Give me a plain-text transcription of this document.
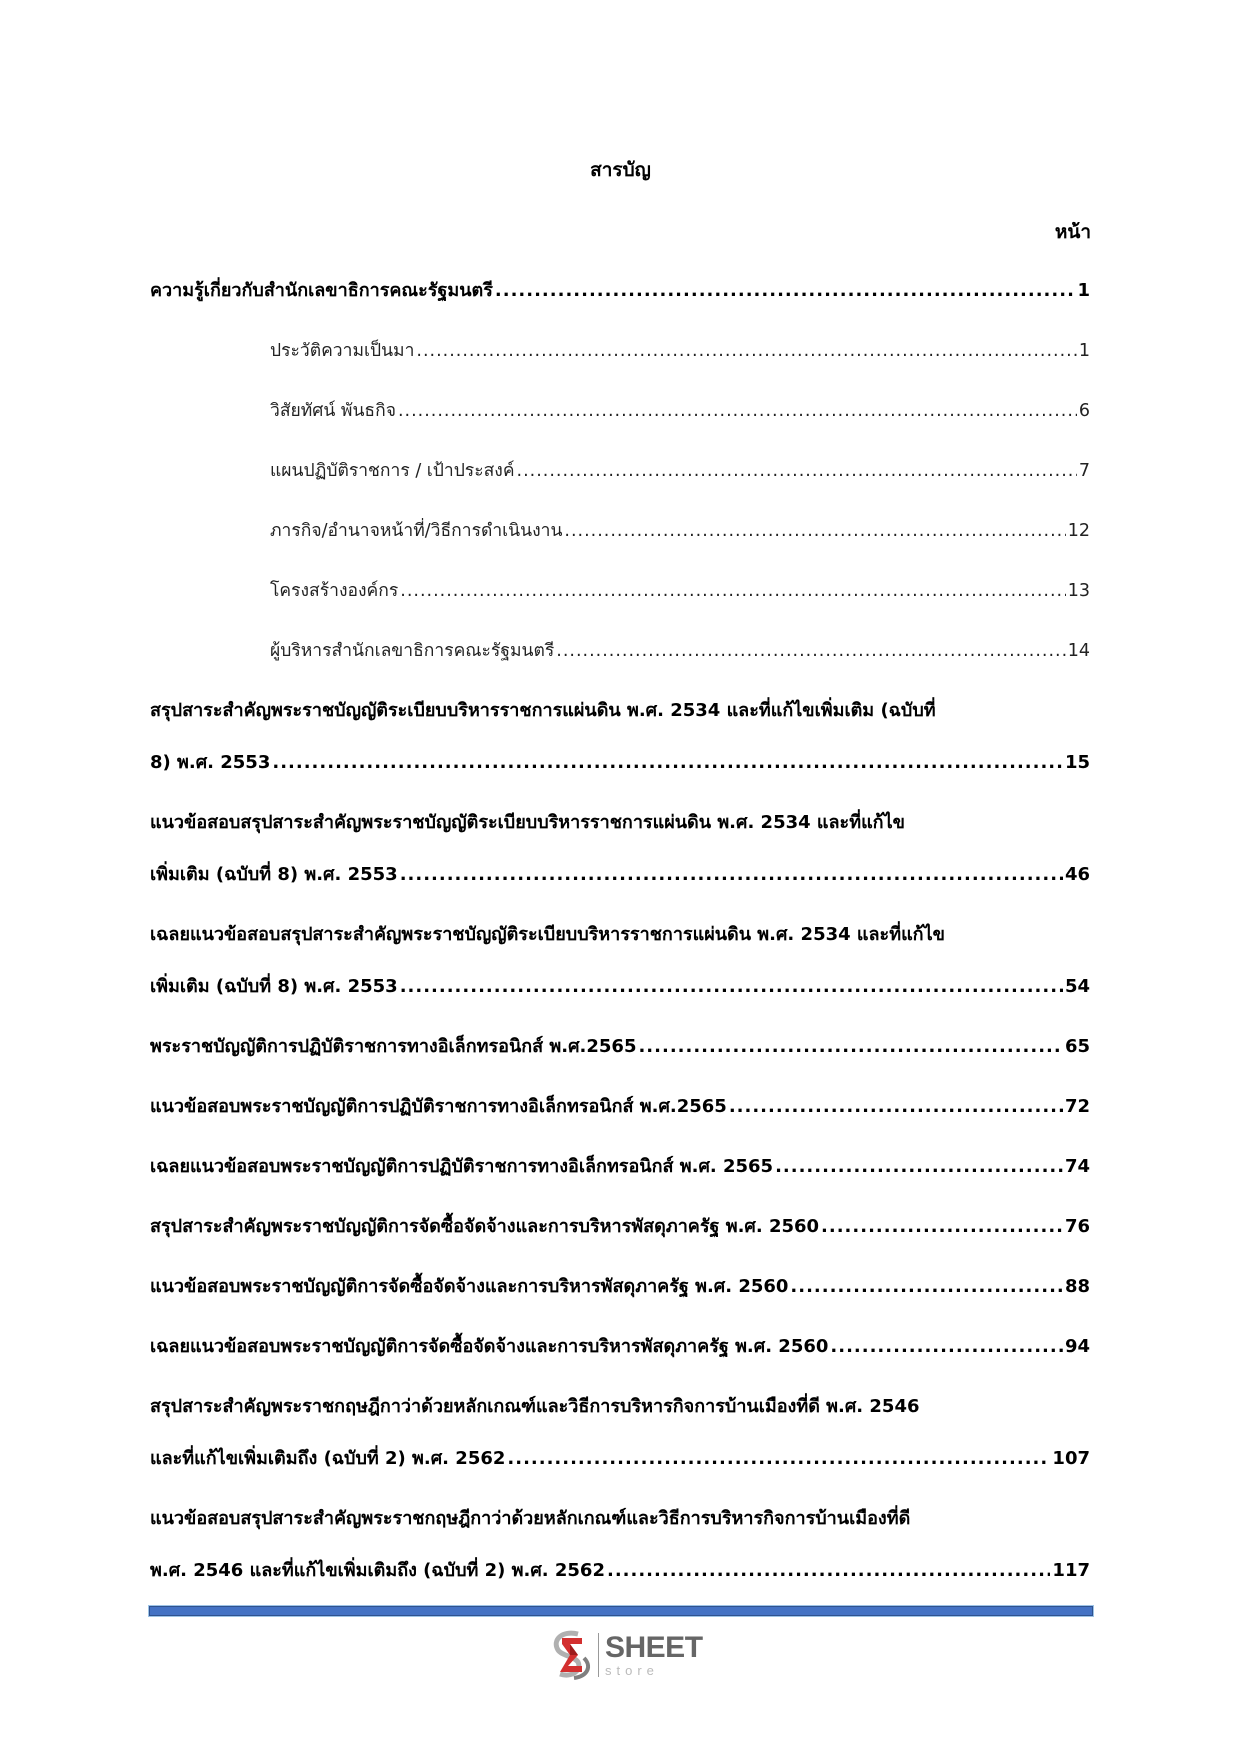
สารบัญ
หน้า
ความรู้เกี่ยวกับสำนักเลขาธิการคณะรัฐมนตรี .....	1
ประวัติความเป็นมา .....	1
วิสัยทัศน์ พันธกิจ .....	6
แผนปฏิบัติราชการ / เป้าประสงค์ .....	7
ภารกิจ/อำนาจหน้าที่/วิธีการดำเนินงาน .....	12
โครงสร้างองค์กร .....	13
ผู้บริหารสำนักเลขาธิการคณะรัฐมนตรี .....	14
สรุปสาระสำคัญพระราชบัญญัติระเบียบบริหารราชการแผ่นดิน พ.ศ. 2534 และที่แก้ไขเพิ่มเติม (ฉบับที่
8) พ.ศ. 2553 .....	15
แนวข้อสอบสรุปสาระสำคัญพระราชบัญญัติระเบียบบริหารราชการแผ่นดิน พ.ศ. 2534 และที่แก้ไข
เพิ่มเติม (ฉบับที่ 8) พ.ศ. 2553 .....	46
เฉลยแนวข้อสอบสรุปสาระสำคัญพระราชบัญญัติระเบียบบริหารราชการแผ่นดิน พ.ศ. 2534 และที่แก้ไข
เพิ่มเติม (ฉบับที่ 8) พ.ศ. 2553 .....	54
พระราชบัญญัติการปฏิบัติราชการทางอิเล็กทรอนิกส์ พ.ศ.2565 .....	65
แนวข้อสอบพระราชบัญญัติการปฏิบัติราชการทางอิเล็กทรอนิกส์ พ.ศ.2565 .....	72
เฉลยแนวข้อสอบพระราชบัญญัติการปฏิบัติราชการทางอิเล็กทรอนิกส์ พ.ศ. 2565 .....	74
สรุปสาระสำคัญพระราชบัญญัติการจัดซื้อจัดจ้างและการบริหารพัสดุภาครัฐ พ.ศ. 2560 .....	76
แนวข้อสอบพระราชบัญญัติการจัดซื้อจัดจ้างและการบริหารพัสดุภาครัฐ พ.ศ. 2560 .....	88
เฉลยแนวข้อสอบพระราชบัญญัติการจัดซื้อจัดจ้างและการบริหารพัสดุภาครัฐ พ.ศ. 2560 .....	94
สรุปสาระสำคัญพระราชกฤษฎีกาว่าด้วยหลักเกณฑ์และวิธีการบริหารกิจการบ้านเมืองที่ดี พ.ศ. 2546
และที่แก้ไขเพิ่มเติมถึง (ฉบับที่ 2) พ.ศ. 2562 .....	107
แนวข้อสอบสรุปสาระสำคัญพระราชกฤษฎีกาว่าด้วยหลักเกณฑ์และวิธีการบริหารกิจการบ้านเมืองที่ดี
พ.ศ. 2546 และที่แก้ไขเพิ่มเติมถึง (ฉบับที่ 2) พ.ศ. 2562 .....	117
SHEET
store
